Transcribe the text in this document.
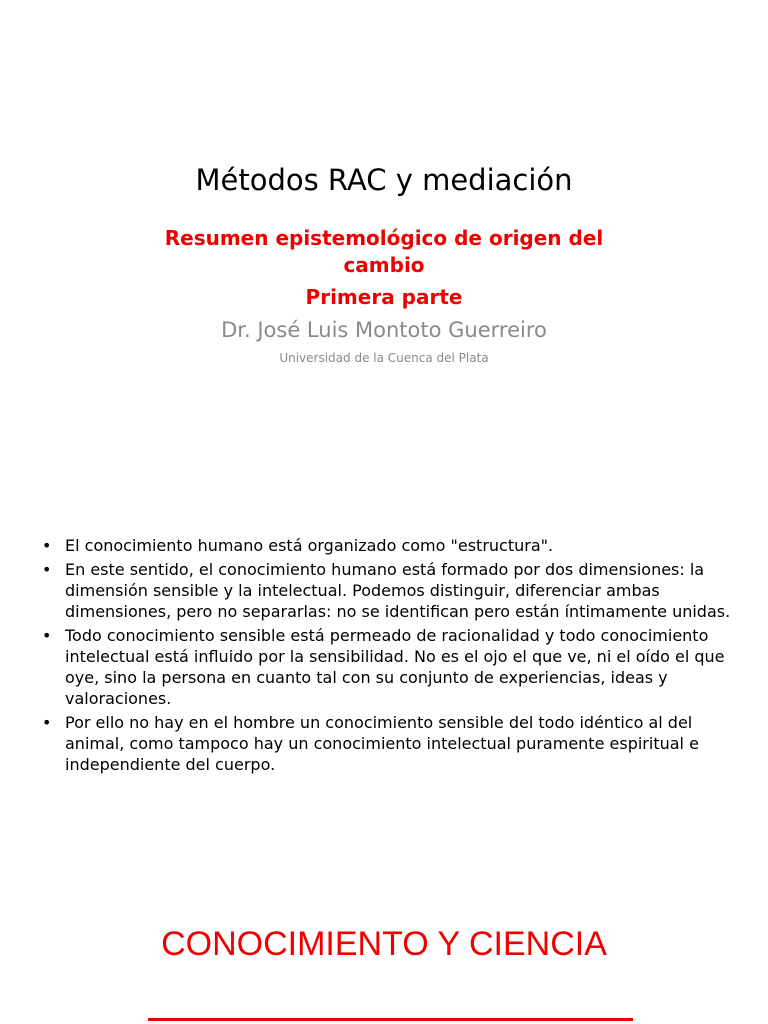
Métodos RAC y mediación
Resumen epistemológico de origen del cambio
Primera parte
Dr. José Luis Montoto Guerreiro
Universidad de la Cuenca del Plata
• El conocimiento humano está organizado como "estructura".
• En este sentido, el conocimiento humano está formado por dos dimensiones: la dimensión sensible y la intelectual. Podemos distinguir, diferenciar ambas dimensiones, pero no separarlas: no se identifican pero están íntimamente unidas.
• Todo conocimiento sensible está permeado de racionalidad y todo conocimiento intelectual está influido por la sensibilidad. No es el ojo el que ve, ni el oído el que oye, sino la persona en cuanto tal con su conjunto de experiencias, ideas y valoraciones.
• Por ello no hay en el hombre un conocimiento sensible del todo idéntico al del animal, como tampoco hay un conocimiento intelectual puramente espiritual e independiente del cuerpo.
CONOCIMIENTO Y CIENCIA
